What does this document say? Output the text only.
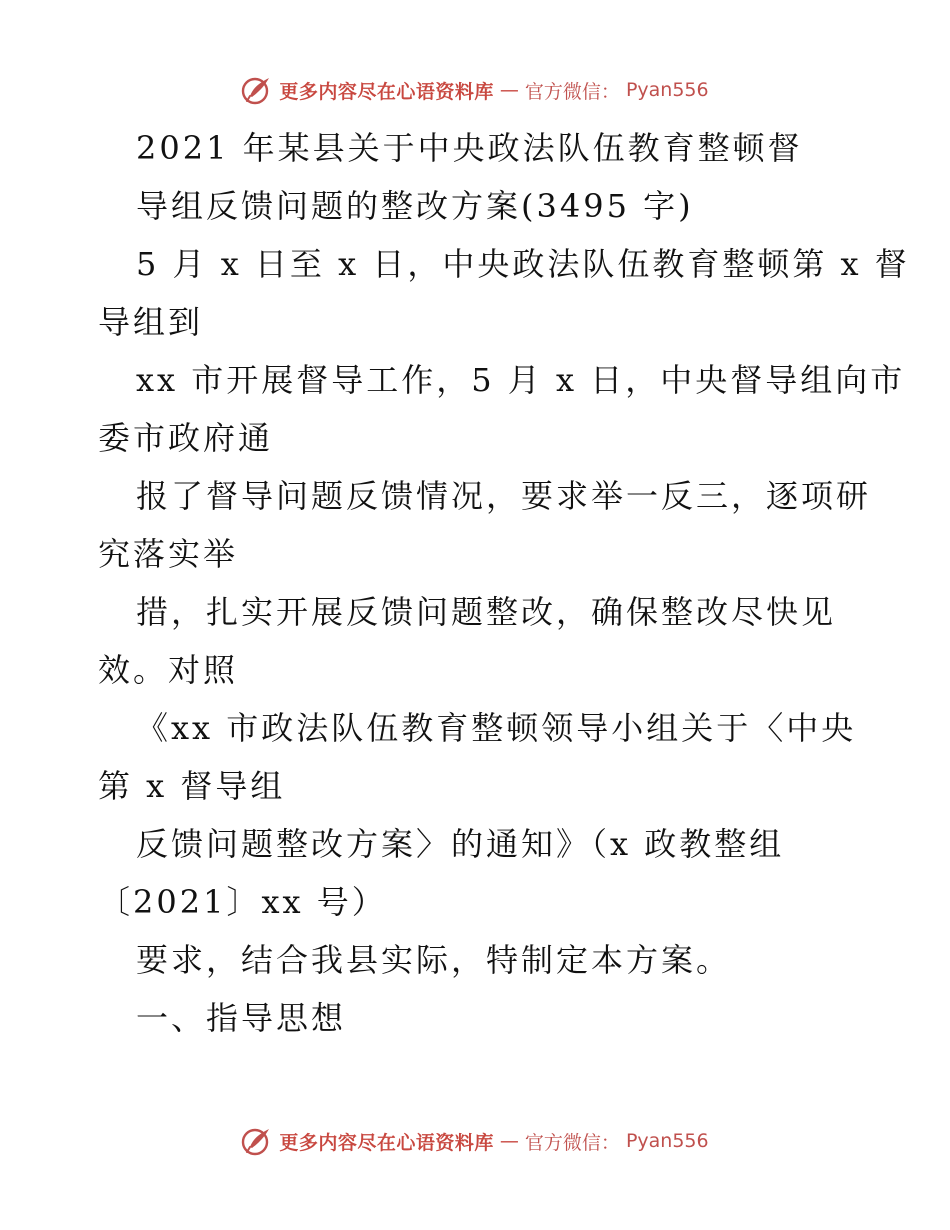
更多内容尽在心语资料库 — 官方微信： Pyan556
2021 年某县关于中央政法队伍教育整顿督
导组反馈问题的整改方案(3495 字)
5 月 x 日至 x 日，中央政法队伍教育整顿第 x 督
导组到
xx 市开展督导工作，5 月 x 日，中央督导组向市
委市政府通
报了督导问题反馈情况，要求举一反三，逐项研
究落实举
措，扎实开展反馈问题整改，确保整改尽快见
效。对照
《xx 市政法队伍教育整顿领导小组关于〈中央
第 x 督导组
反馈问题整改方案〉的通知》（x 政教整组
〔2021〕xx 号）
要求，结合我县实际，特制定本方案。
一、指导思想
更多内容尽在心语资料库 — 官方微信： Pyan556
